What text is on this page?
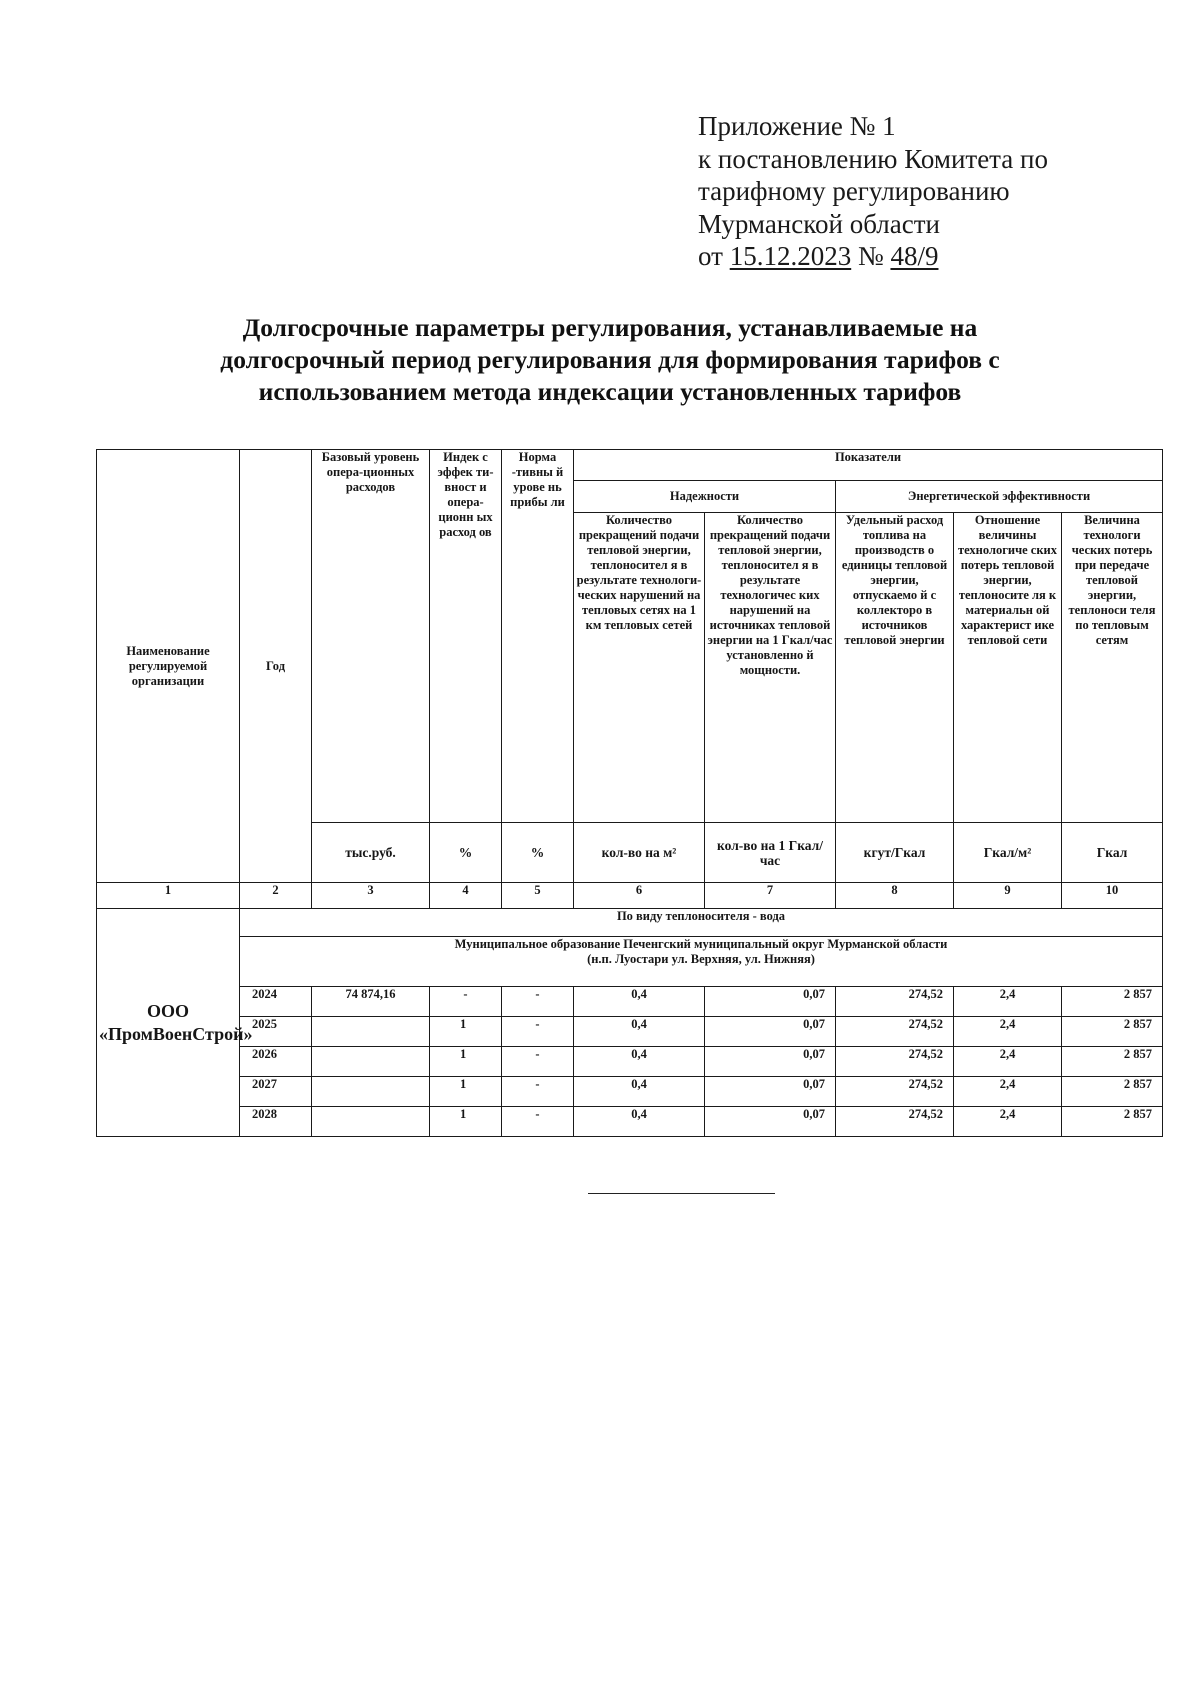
Приложение № 1
к постановлению Комитета по
тарифному регулированию
Мурманской области
от 15.12.2023 № 48/9
Долгосрочные параметры регулирования, устанавливаемые на
долгосрочный период регулирования для формирования тарифов с
использованием метода индексации установленных тарифов
Наименование регулируемой организации	Год	Базовый уровень опера-ционных расходов	Индек с эффек ти-вност и опера-ционн ых расход ов	Норма -тивны й урове нь прибы ли	Показатели				
					Надежности		Энергетической эффективности		
					Количество прекращений подачи тепловой энергии, теплоносител я в результате технологи-ческих нарушений на тепловых сетях на 1 км тепловых сетей	Количество прекращений подачи тепловой энергии, теплоносител я в результате технологичес ких нарушений на источниках тепловой энергии на 1 Гкал/час установленно й мощности.	Удельный расход топлива на производств о единицы тепловой энергии, отпускаемо й с коллекторо в источников тепловой энергии	Отношение величины технологиче ских потерь тепловой энергии, теплоносите ля к материальн ой характерист ике тепловой сети	Величина технологи ческих потерь при передаче тепловой энергии, теплоноси теля по тепловым сетям
		тыс.руб.	%	%	кол-во на м²	кол-во на 1 Гкал/час	кгут/Гкал	Гкал/м²	Гкал
1	2	3	4	5	6	7	8	9	10

ООО «ПромВоенСтрой»	По виду теплоносителя - вода								

	Муниципальное образование Печенгский муниципальный округ Мурманской области
(н.п. Луостари ул. Верхняя, ул. Нижняя)								

	2024	74 874,16	-	-	0,4	0,07	274,52	2,4	2 857
	2025		1	-	0,4	0,07	274,52	2,4	2 857
	2026		1	-	0,4	0,07	274,52	2,4	2 857
	2027		1	-	0,4	0,07	274,52	2,4	2 857
	2028		1	-	0,4	0,07	274,52	2,4	2 857
